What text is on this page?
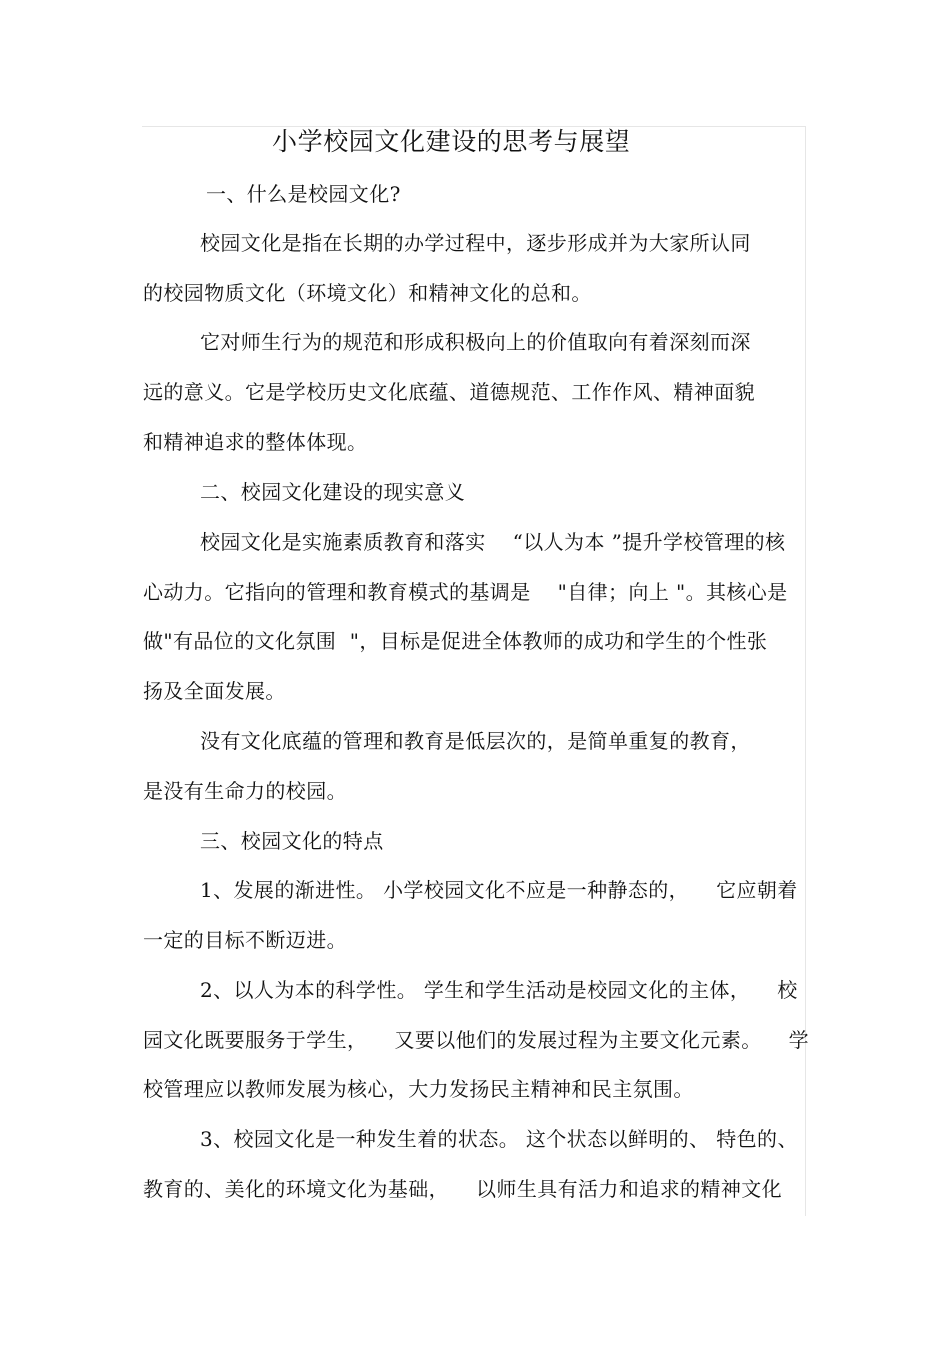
小学校园文化建设的思考与展望
一、什么是校园文化?
校园文化是指在长期的办学过程中，逐步形成并为大家所认同
的校园物质文化（环境文化）和精神文化的总和。
它对师生行为的规范和形成积极向上的价值取向有着深刻而深
远的意义。它是学校历史文化底蕴、道德规范、工作作风、精神面貌
和精神追求的整体体现。
二、校园文化建设的现实意义
校园文化是实施素质教育和落实    “以人为本 ”提升学校管理的核
心动力。它指向的管理和教育模式的基调是    "自律；向上 "。其核心是
做"有品位的文化氛围  "，目标是促进全体教师的成功和学生的个性张
扬及全面发展。
没有文化底蕴的管理和教育是低层次的，是简单重复的教育，
是没有生命力的校园。
三、校园文化的特点
1、发展的渐进性。 小学校园文化不应是一种静态的，    它应朝着
一定的目标不断迈进。
2、以人为本的科学性。 学生和学生活动是校园文化的主体，    校
园文化既要服务于学生，    又要以他们的发展过程为主要文化元素。    学
校管理应以教师发展为核心，大力发扬民主精神和民主氛围。
3、校园文化是一种发生着的状态。 这个状态以鲜明的、 特色的、
教育的、美化的环境文化为基础，    以师生具有活力和追求的精神文化
